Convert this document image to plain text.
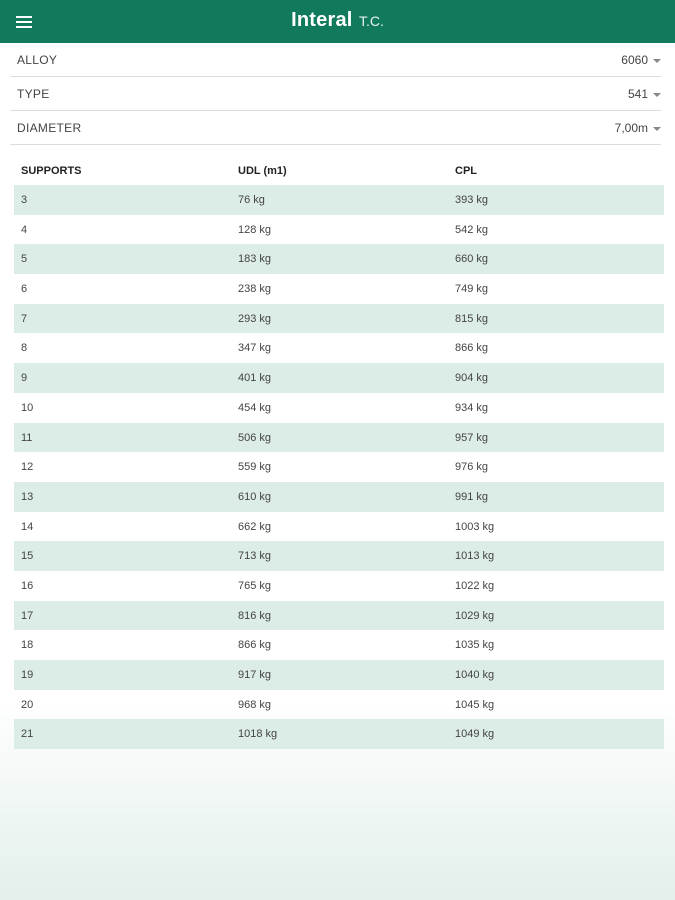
Interal T.C.
ALLOY	6060
TYPE	541
DIAMETER	7,00m
SUPPORTS	UDL (m1)	CPL
3	76 kg	393 kg
4	128 kg	542 kg
5	183 kg	660 kg
6	238 kg	749 kg
7	293 kg	815 kg
8	347 kg	866 kg
9	401 kg	904 kg
10	454 kg	934 kg
11	506 kg	957 kg
12	559 kg	976 kg
13	610 kg	991 kg
14	662 kg	1003 kg
15	713 kg	1013 kg
16	765 kg	1022 kg
17	816 kg	1029 kg
18	866 kg	1035 kg
19	917 kg	1040 kg
20	968 kg	1045 kg
21	1018 kg	1049 kg
